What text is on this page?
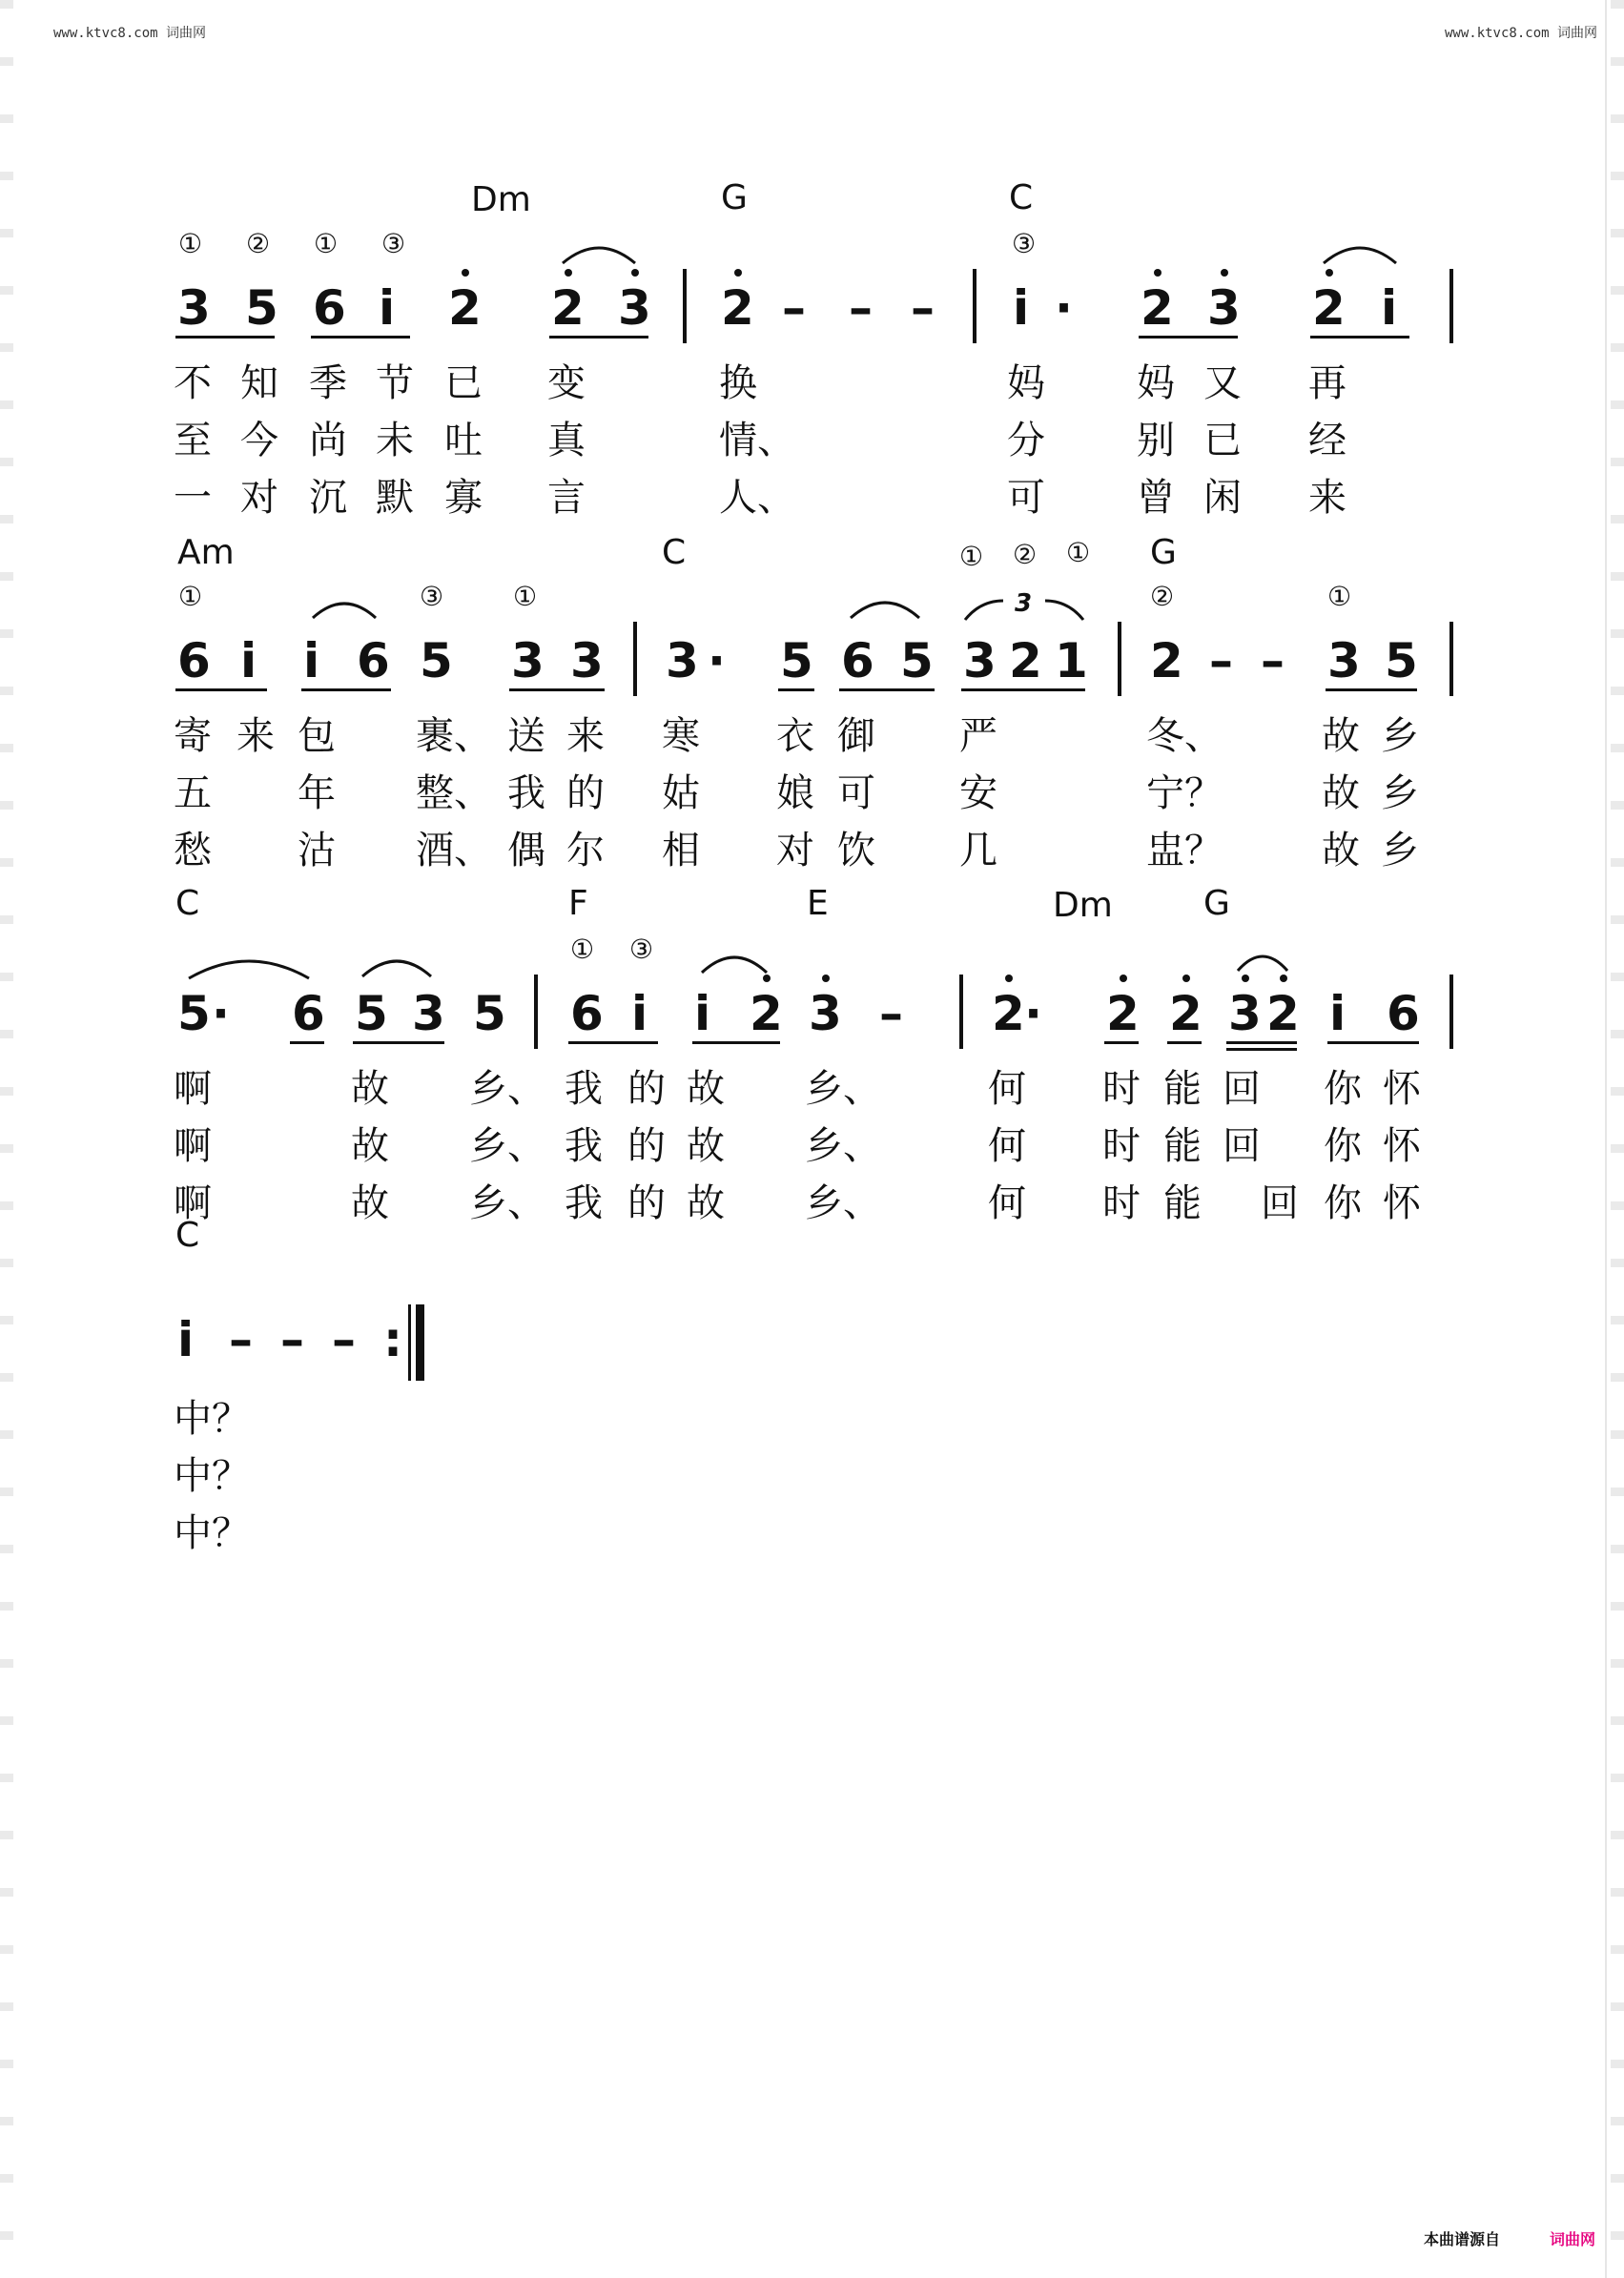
www.ktvc8.com 词曲网	www.ktvc8.com 词曲网
Dm	G	C
① ② ① ③	③
3 5 6 i 2 2 3 2 – – – i · 2 3 2 i
不 知 季 节 已 变	换	妈 妈 又 再
至 今 尚 未 吐 真	情、	分 别 已 经
一 对 沉 默 寡 言	人、	可 曾 闲 来
Am	C	G
①	③	①
① ② ①
②	①
6 i i 6 5 3 3 3 · 5 6 5 3 2 1
3
2 – – 3 5
寄 来 包 裹、 送 来 寒 衣 御 严	冬、	故 乡
五 年 整、 我 的 姑 娘 可 安	宁？	故 乡
愁 沽 酒、 偶 尔 相 对 饮 几	盅？	故 乡
C	F	E	Dm	G
① ③
5 · 6 5 3 5 6 i i 2 3 – 2 · 2 2 3 2 i 6
啊	故 乡、 我 的 故 乡、	何 时 能 回 你 怀
啊	故 乡、 我 的 故 乡、	何 时 能 回 你 怀
啊	故 乡、 我 的 故 乡、	何 时 能 回 你 怀
C
i – – – :
中？
中？
中？
本曲谱源自	词曲网
